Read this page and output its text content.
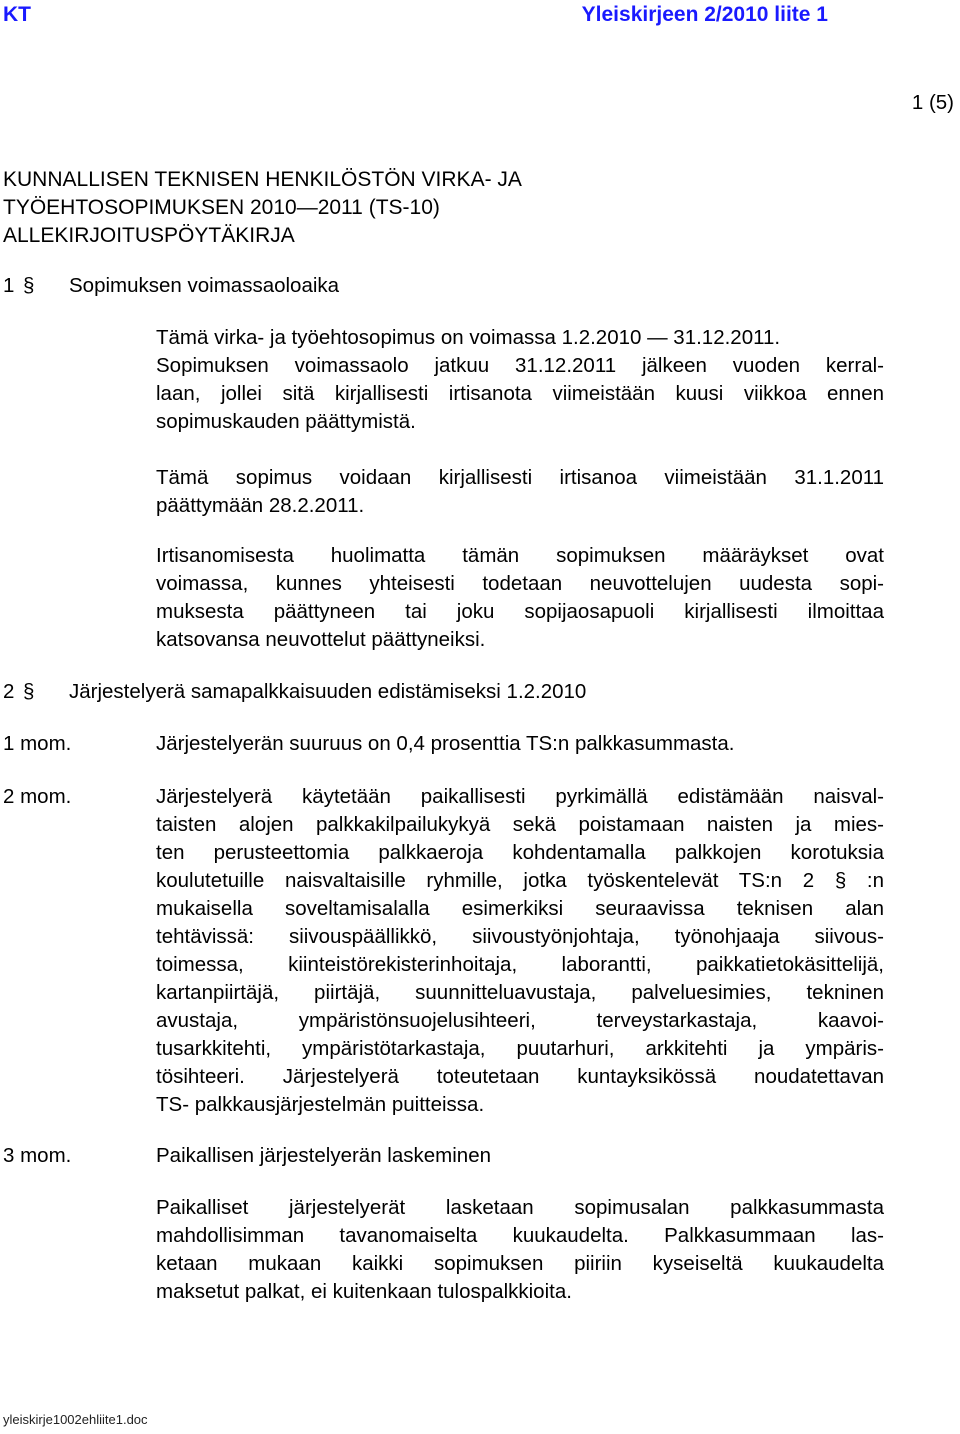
KT	Yleiskirjeen 2/2010 liite 1
1 (5)
KUNNALLISEN TEKNISEN HENKILÖSTÖN VIRKA- JA
TYÖEHTOSOPIMUKSEN 2010—2011 (TS-10)
ALLEKIRJOITUSPÖYTÄKIRJA
1 § Sopimuksen voimassaoloaika
Tämä virka- ja työehtosopimus on voimassa 1.2.2010 — 31.12.2011.
Sopimuksen voimassaolo jatkuu 31.12.2011 jälkeen vuoden kerral-
laan, jollei sitä kirjallisesti irtisanota viimeistään kuusi viikkoa ennen
sopimuskauden päättymistä.
Tämä sopimus voidaan kirjallisesti irtisanoa viimeistään 31.1.2011
päättymään 28.2.2011.
Irtisanomisesta huolimatta tämän sopimuksen määräykset ovat
voimassa, kunnes yhteisesti todetaan neuvottelujen uudesta sopi-
muksesta päättyneen tai joku sopijaosapuoli kirjallisesti ilmoittaa
katsovansa neuvottelut päättyneiksi.
2 § Järjestelyerä samapalkkaisuuden edistämiseksi 1.2.2010
1 mom.	Järjestelyerän suuruus on 0,4 prosenttia TS:n palkkasummasta.
2 mom.	Järjestelyerä käytetään paikallisesti pyrkimällä edistämään naisval-
taisten alojen palkkakilpailukykyä sekä poistamaan naisten ja mies-
ten perusteettomia palkkaeroja kohdentamalla palkkojen korotuksia
koulutetuille naisvaltaisille ryhmille, jotka työskentelevät TS:n 2 § :n
mukaisella soveltamisalalla esimerkiksi seuraavissa teknisen alan
tehtävissä: siivouspäällikkö, siivoustyönjohtaja, työnohjaaja siivous-
toimessa, kiinteistörekisterinhoitaja, laborantti, paikkatietokäsittelijä,
kartanpiirtäjä, piirtäjä, suunnitteluavustaja, palveluesimies, tekninen
avustaja, ympäristönsuojelusihteeri, terveystarkastaja, kaavoi-
tusarkkitehti, ympäristötarkastaja, puutarhuri, arkkitehti ja ympäris-
tösihteeri. Järjestelyerä toteutetaan kuntayksikössä noudatettavan
TS- palkkausjärjestelmän puitteissa.
3 mom.	Paikallisen järjestelyerän laskeminen
Paikalliset järjestelyerät lasketaan sopimusalan palkkasummasta
mahdollisimman tavanomaiselta kuukaudelta. Palkkasummaan las-
ketaan mukaan kaikki sopimuksen piiriin kyseiseltä kuukaudelta
maksetut palkat, ei kuitenkaan tulospalkkioita.
yleiskirje1002ehliite1.doc
